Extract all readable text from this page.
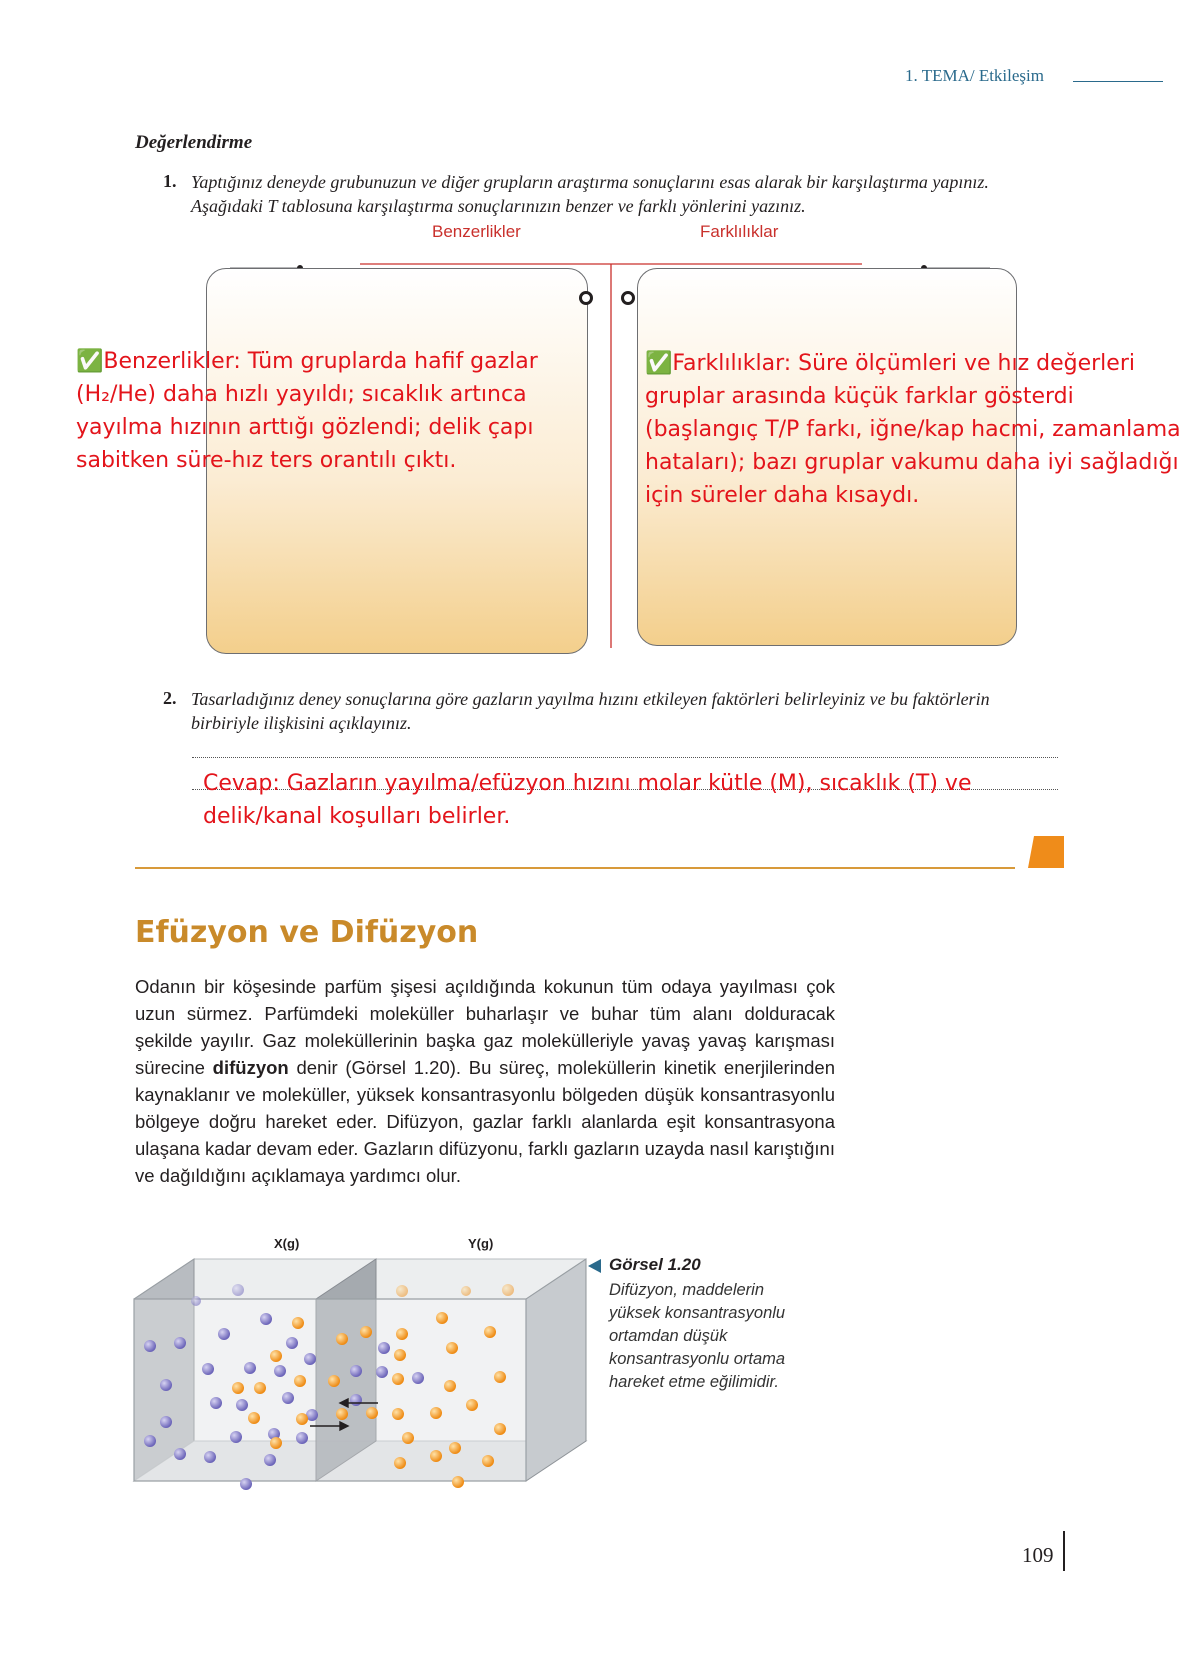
1. TEMA/ Etkileşim
Değerlendirme
1. Yaptığınız deneyde grubunuzun ve diğer grupların araştırma sonuçlarını esas alarak bir karşılaştırma yapınız. Aşağıdaki T tablosuna karşılaştırma sonuçlarınızın benzer ve farklı yönlerini yazınız.
Benzerlikler	Farklılıklar
✅Benzerlikler: Tüm gruplarda hafif gazlar (H₂/He) daha hızlı yayıldı; sıcaklık artınca yayılma hızının arttığı gözlendi; delik çapı sabitken süre-hız ters orantılı çıktı.
✅Farklılıklar: Süre ölçümleri ve hız değerleri gruplar arasında küçük farklar gösterdi (başlangıç T/P farkı, iğne/kap hacmi, zamanlama hataları); bazı gruplar vakumu daha iyi sağladığı için süreler daha kısaydı.
2. Tasarladığınız deney sonuçlarına göre gazların yayılma hızını etkileyen faktörleri belirleyiniz ve bu faktörlerin birbiriyle ilişkisini açıklayınız.
Cevap: Gazların yayılma/efüzyon hızını molar kütle (M), sıcaklık (T) ve delik/kanal koşulları belirler.
Efüzyon ve Difüzyon
Odanın bir köşesinde parfüm şişesi açıldığında kokunun tüm odaya yayılması çok uzun sürmez. Parfümdeki moleküller buharlaşır ve buhar tüm alanı dolduracak şekilde yayılır. Gaz moleküllerinin başka gaz molekülleriyle yavaş yavaş karışması sürecine difüzyon denir (Görsel 1.20). Bu süreç, moleküllerin kinetik enerjilerinden kaynaklanır ve moleküller, yüksek konsantrasyonlu bölgeden düşük konsantrasyonlu bölgeye doğru hareket eder. Difüzyon, gazlar farklı alanlarda eşit konsantrasyona ulaşana kadar devam eder. Gazların difüzyonu, farklı gazların uzayda nasıl karıştığını ve dağıldığını açıklamaya yardımcı olur.
X(g)	Y(g)
Görsel 1.20
Difüzyon, maddelerin yüksek konsantrasyonlu ortamdan düşük konsantrasyonlu ortama hareket etme eğilimidir.
109
